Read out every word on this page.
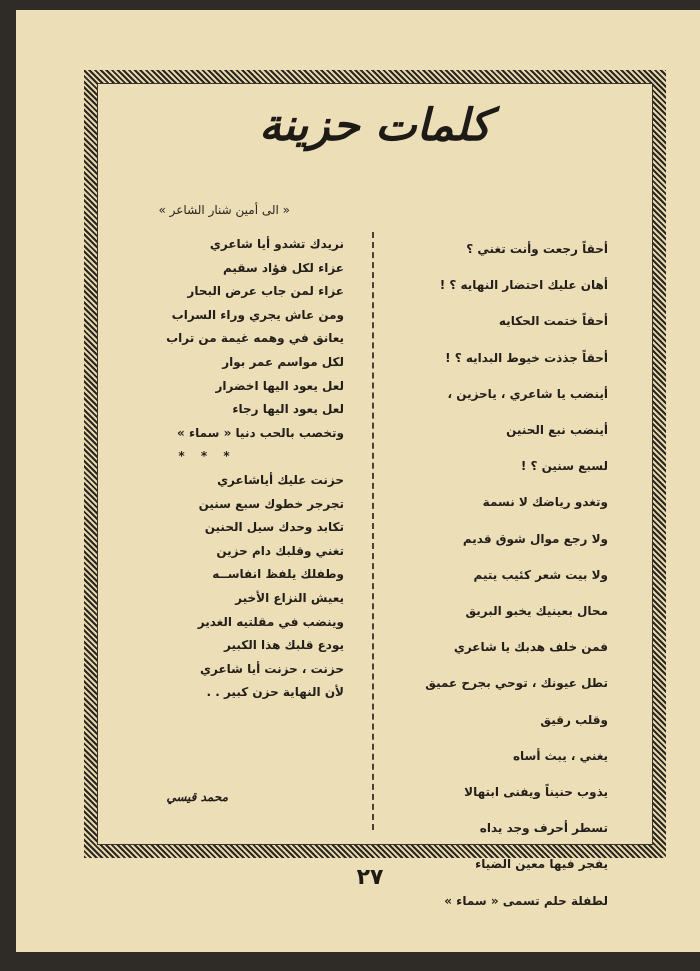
كلمات حزينة
« الى أمين شنار الشاعر »
أحقاً رجعت وأنت تغني ؟
أهان عليك احتضار النهايه ؟ !
أحقاً ختمت الحكايه
أحقاً جذذت خيوط البدايه ؟ !
أينضب يا شاعري ، ياحزين ،
أينضب نبع الحنين
لسبع سنين ؟ !
وتغدو رياضك لا نسمة
ولا رجع موال شوق قديم
ولا بيت شعر كئيب يتيم
محال بعينيك يخبو البريق
فمن خلف هدبك يا شاعري
تطل عيونك ، توحي بجرح عميق
وقلب رقيق
يغني ، يبث أساه
يذوب حنيناً ويفنى ابتهالا
تسطر أحرف وجد يداه
يفجر فيها معين الضياء
لطفلة حلم تسمى « سماء »
نريدك تشدو أيا شاعري
عزاء لكل فؤاد سقيم
عزاء لمن جاب عرض البحار
ومن عاش يجري وراء السراب
يعانق في وهمه غيمة من تراب
لكل مواسم عمر بوار
لعل يعود اليها اخضرار
لعل يعود اليها رجاء
وتخصب بالحب دنيا « سماء »
* * *
حزنت عليك أياشاعري
تجرجر خطوك سبع سنين
تكابد وحدك سيل الحنين
تغني وقلبك دام حزين
وطفلك يلفظ انفاســه
يعيش النزاع الأخير
وينضب في مقلتيه الغدير
يودع قلبك هذا الكبير
حزنت ، حزنت أيا شاعري
لأن النهاية حزن كبير . .
محمد قيسي
٢٧
